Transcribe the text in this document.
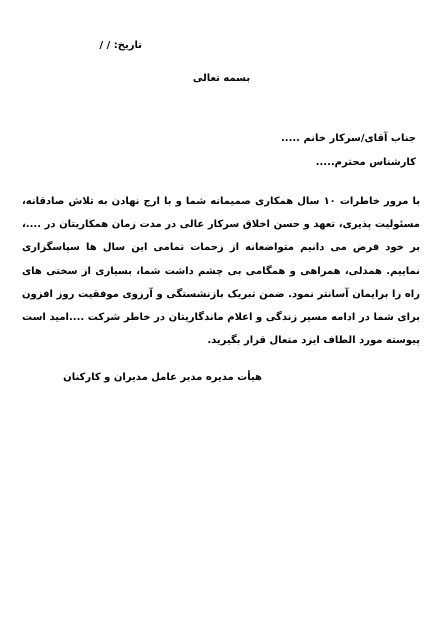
تاریخ: / /
بسمه تعالی
جناب آقای/سرکار خانم .....
کارشناس محترم.....
با مرور خاطرات ۱۰ سال همکاری صمیمانه شما و با ارج نهادن به تلاش صادقانه، مسئولیت پذیری، تعهد و حسن اخلاق سرکار عالی در مدت زمان همکاریتان در ....، بر خود فرض می دانیم متواضعانه از زحمات تمامی این سال ها سپاسگزاری نماییم. همدلی، همراهی و همگامی بی چشم داشت شما، بسیاری از سختی های راه را برایمان آسانتر نمود. ضمن تبریک بازنشستگی و آرزوی موفقیت روز افزون برای شما در ادامه مسیر زندگی و اعلام ماندگاریتان در خاطر شرکت ....امید است پیوسته مورد الطاف ایزد متعال قرار بگیرید.
هیأت مدیره مدیر عامل مدیران و کارکنان
